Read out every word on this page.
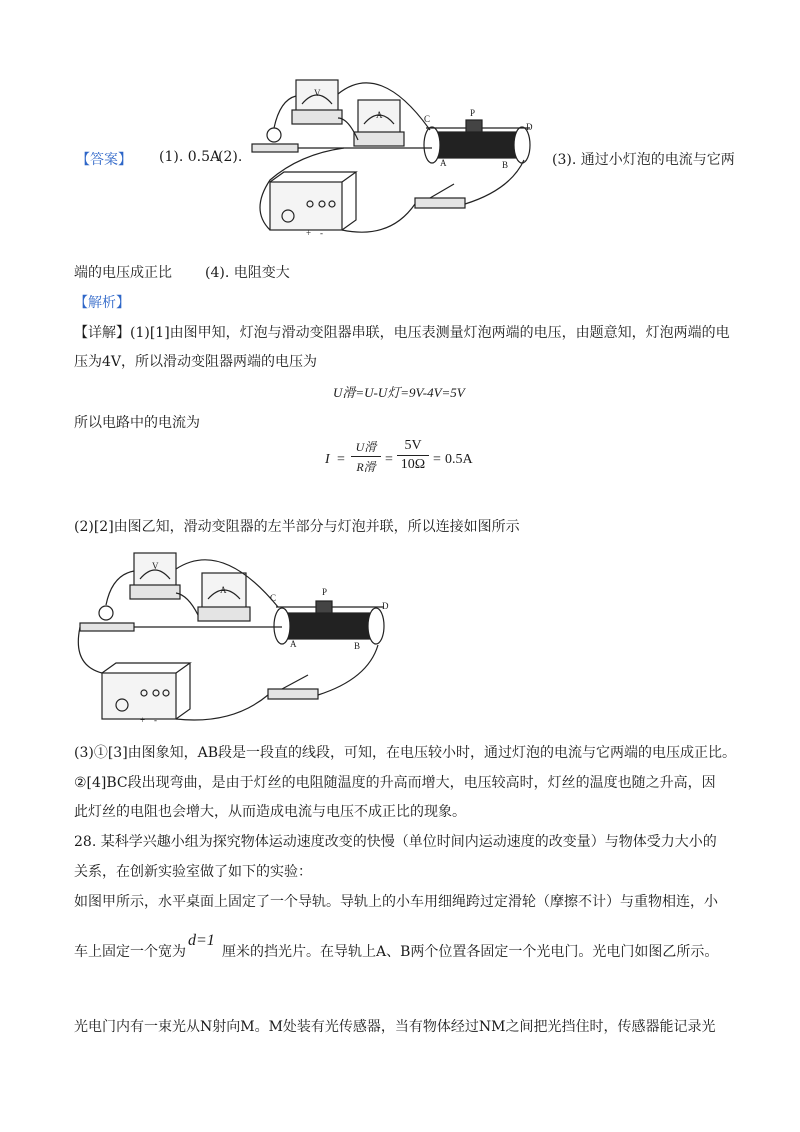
【答案】 (1). 0.5A
(2).	(3). 通过小灯泡的电流与它两
V
A	C
P
D
A	B
+ -
端的电压成正比 (4). 电阻变大
【解析】
【详解】(1)[1]由图甲知，灯泡与滑动变阻器串联，电压表测量灯泡两端的电压，由题意知，灯泡两端的电
压为4V，所以滑动变阻器两端的电压为
U滑=U-U灯=9V-4V=5V
所以电路中的电流为
I =
U滑
R滑 =
5V
10Ω = 0.5A
(2)[2]由图乙知，滑动变阻器的左半部分与灯泡并联，所以连接如图所示
V
A
C
P
D
A	B
+ -
(3)①[3]由图象知，AB段是一段直的线段，可知，在电压较小时，通过灯泡的电流与它两端的电压成正比。
②[4]BC段出现弯曲，是由于灯丝的电阻随温度的升高而增大，电压较高时，灯丝的温度也随之升高，因
此灯丝的电阻也会增大，从而造成电流与电压不成正比的现象。
28. 某科学兴趣小组为探究物体运动速度改变的快慢（单位时间内运动速度的改变量）与物体受力大小的
关系，在创新实验室做了如下的实验：
如图甲所示，水平桌面上固定了一个导轨。导轨上的小车用细绳跨过定滑轮（摩擦不计）与重物相连，小
车上固定一个宽为
d=1
厘米的挡光片。在导轨上A、B两个位置各固定一个光电门。光电门如图乙所示。
光电门内有一束光从N射向M。M处装有光传感器，当有物体经过NM之间把光挡住时，传感器能记录光
